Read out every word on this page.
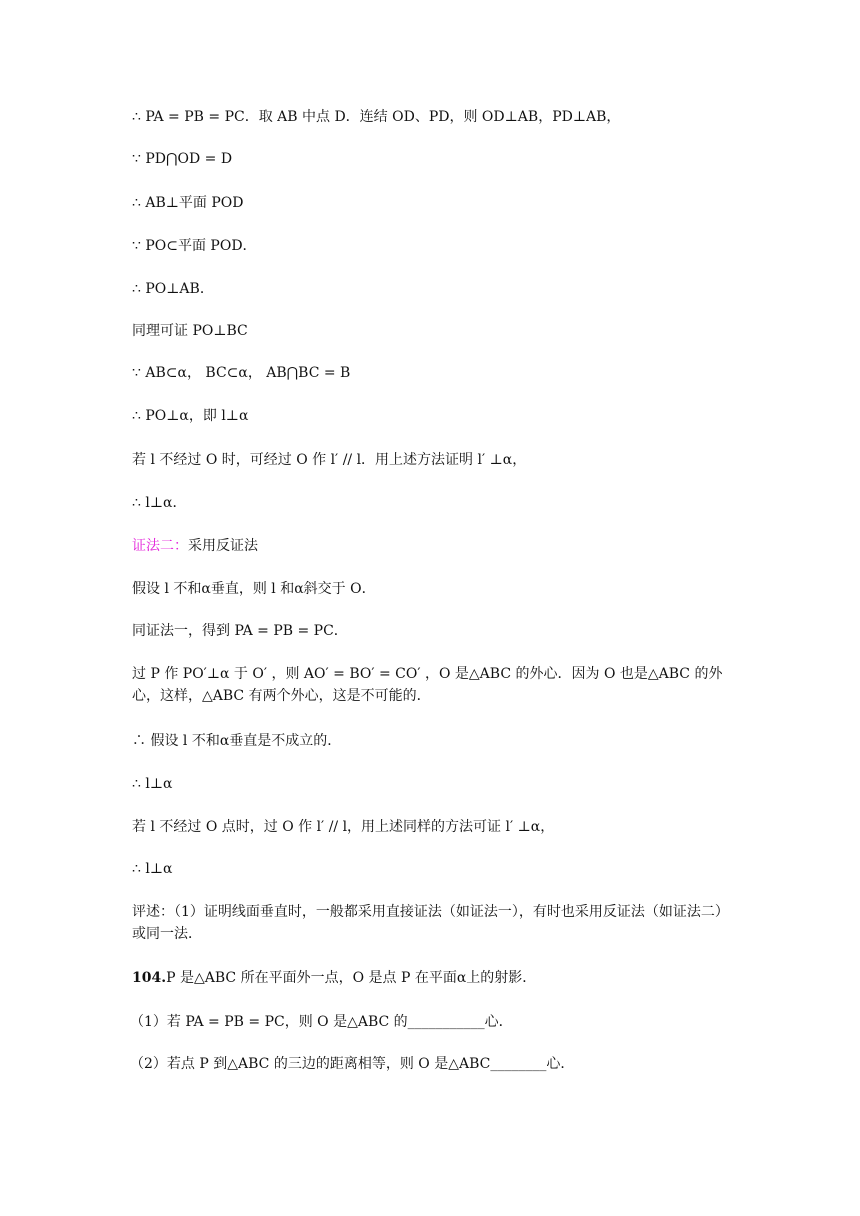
∴ PA = PB = PC．取 AB 中点 D．连结 OD、PD，则 OD⊥AB，PD⊥AB，
∵ PD⋂OD = D
∴ AB⊥平面 POD
∵ PO⊂平面 POD．
∴ PO⊥AB．
同理可证 PO⊥BC
∵ AB⊂α， BC⊂α， AB⋂BC = B
∴ PO⊥α，即 l⊥α
若 l 不经过 O 时，可经过 O 作 l′ // l．用上述方法证明 l′ ⊥α，
∴ l⊥α．
证法二：采用反证法
假设 l 不和α垂直，则 l 和α斜交于 O．
同证法一，得到 PA = PB = PC．
过 P 作 PO′⊥α 于 O′ ，则 AO′ = BO′ = CO′ ，O 是△ABC 的外心．因为 O 也是△ABC 的外心，这样，△ABC 有两个外心，这是不可能的．
∴ 假设 l 不和α垂直是不成立的．
∴ l⊥α
若 l 不经过 O 点时，过 O 作 l′ // l，用上述同样的方法可证 l′ ⊥α，
∴ l⊥α
评述：（1）证明线面垂直时，一般都采用直接证法（如证法一），有时也采用反证法（如证法二）或同一法．
104.P 是△ABC 所在平面外一点，O 是点 P 在平面α上的射影．
（1）若 PA = PB = PC，则 O 是△ABC 的___________心．
（2）若点 P 到△ABC 的三边的距离相等，则 O 是△ABC________心．
